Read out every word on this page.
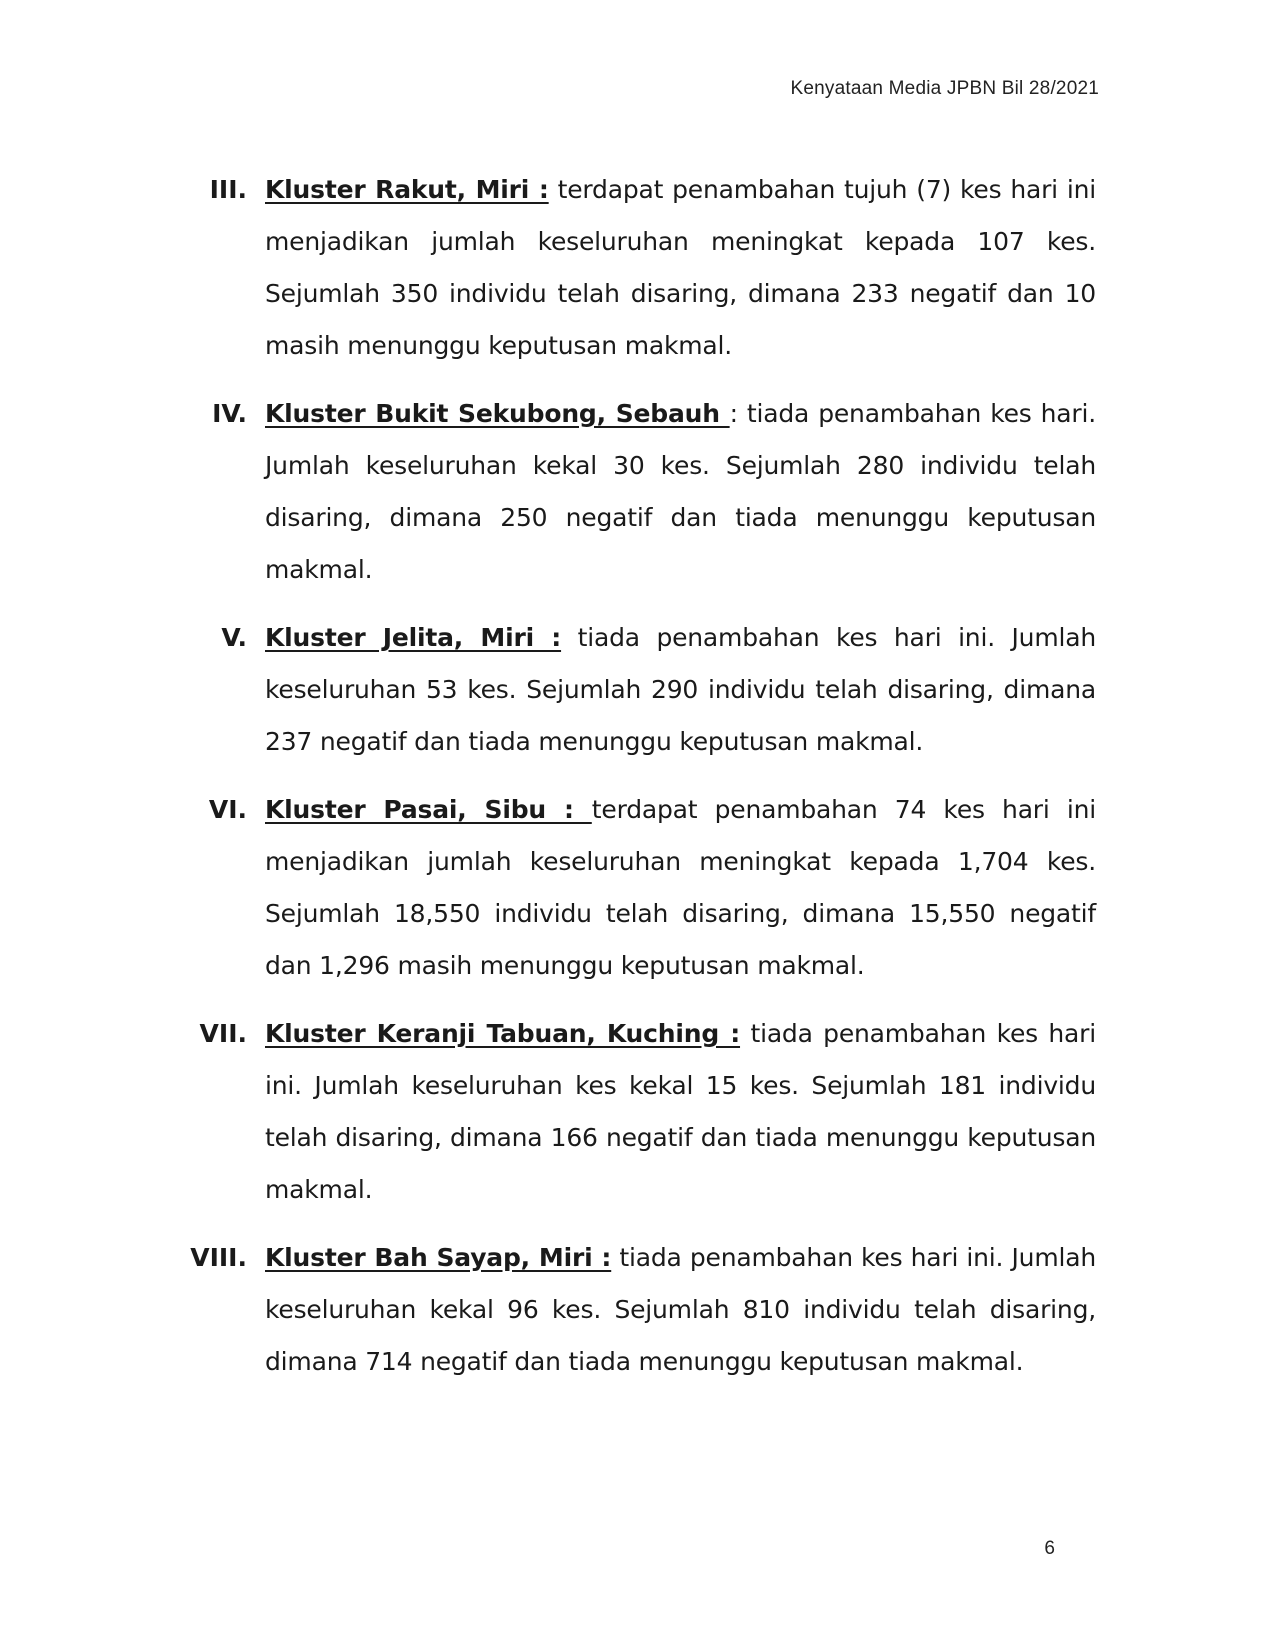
Kenyataan Media JPBN Bil 28/2021
III. Kluster Rakut, Miri : terdapat penambahan tujuh (7) kes hari ini menjadikan jumlah keseluruhan meningkat kepada 107 kes. Sejumlah 350 individu telah disaring, dimana 233 negatif dan 10 masih menunggu keputusan makmal.
IV. Kluster Bukit Sekubong, Sebauh : tiada penambahan kes hari. Jumlah keseluruhan kekal 30 kes. Sejumlah 280 individu telah disaring, dimana 250 negatif dan tiada menunggu keputusan makmal.
V. Kluster Jelita, Miri : tiada penambahan kes hari ini. Jumlah keseluruhan 53 kes. Sejumlah 290 individu telah disaring, dimana 237 negatif dan tiada menunggu keputusan makmal.
VI. Kluster Pasai, Sibu : terdapat penambahan 74 kes hari ini menjadikan jumlah keseluruhan meningkat kepada 1,704 kes. Sejumlah 18,550 individu telah disaring, dimana 15,550 negatif dan 1,296 masih menunggu keputusan makmal.
VII. Kluster Keranji Tabuan, Kuching : tiada penambahan kes hari ini. Jumlah keseluruhan kes kekal 15 kes. Sejumlah 181 individu telah disaring, dimana 166 negatif dan tiada menunggu keputusan makmal.
VIII. Kluster Bah Sayap, Miri : tiada penambahan kes hari ini. Jumlah keseluruhan kekal 96 kes. Sejumlah 810 individu telah disaring, dimana 714 negatif dan tiada menunggu keputusan makmal.
6
